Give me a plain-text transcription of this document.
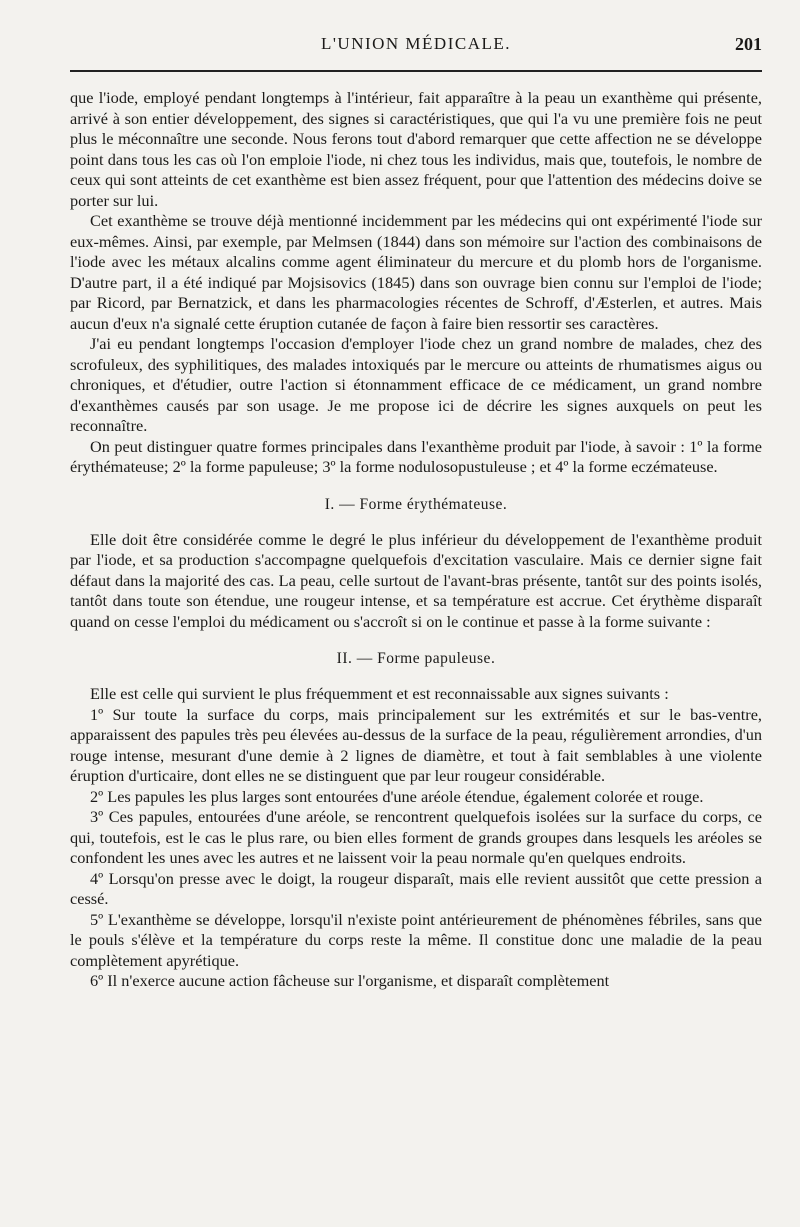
L'UNION MÉDICALE.	201

que l'iode, employé pendant longtemps à l'intérieur, fait apparaître à la peau un exanthème qui présente, arrivé à son entier développement, des signes si caractéristiques, que qui l'a vu une première fois ne peut plus le méconnaître une seconde. Nous ferons tout d'abord remarquer que cette affection ne se développe point dans tous les cas où l'on emploie l'iode, ni chez tous les individus, mais que, toutefois, le nombre de ceux qui sont atteints de cet exanthème est bien assez fréquent, pour que l'attention des médecins doive se porter sur lui.

Cet exanthème se trouve déjà mentionné incidemment par les médecins qui ont expérimenté l'iode sur eux-mêmes. Ainsi, par exemple, par Melmsen (1844) dans son mémoire sur l'action des combinaisons de l'iode avec les métaux alcalins comme agent éliminateur du mercure et du plomb hors de l'organisme. D'autre part, il a été indiqué par Mojsisovics (1845) dans son ouvrage bien connu sur l'emploi de l'iode; par Ricord, par Bernatzick, et dans les pharmacologies récentes de Schroff, d'Æsterlen, et autres. Mais aucun d'eux n'a signalé cette éruption cutanée de façon à faire bien ressortir ses caractères.

J'ai eu pendant longtemps l'occasion d'employer l'iode chez un grand nombre de malades, chez des scrofuleux, des syphilitiques, des malades intoxiqués par le mercure ou atteints de rhumatismes aigus ou chroniques, et d'étudier, outre l'action si étonnamment efficace de ce médicament, un grand nombre d'exanthèmes causés par son usage. Je me propose ici de décrire les signes auxquels on peut les reconnaître.

On peut distinguer quatre formes principales dans l'exanthème produit par l'iode, à savoir : 1º la forme érythémateuse; 2º la forme papuleuse; 3º la forme nodulosopustuleuse ; et 4º la forme eczémateuse.

I. — Forme érythémateuse.

Elle doit être considérée comme le degré le plus inférieur du développement de l'exanthème produit par l'iode, et sa production s'accompagne quelquefois d'excitation vasculaire. Mais ce dernier signe fait défaut dans la majorité des cas. La peau, celle surtout de l'avant-bras présente, tantôt sur des points isolés, tantôt dans toute son étendue, une rougeur intense, et sa température est accrue. Cet érythème disparaît quand on cesse l'emploi du médicament ou s'accroît si on le continue et passe à la forme suivante :

II. — Forme papuleuse.

Elle est celle qui survient le plus fréquemment et est reconnaissable aux signes suivants :

1º Sur toute la surface du corps, mais principalement sur les extrémités et sur le bas-ventre, apparaissent des papules très peu élevées au-dessus de la surface de la peau, régulièrement arrondies, d'un rouge intense, mesurant d'une demie à 2 lignes de diamètre, et tout à fait semblables à une violente éruption d'urticaire, dont elles ne se distinguent que par leur rougeur considérable.

2º Les papules les plus larges sont entourées d'une aréole étendue, également colorée et rouge.

3º Ces papules, entourées d'une aréole, se rencontrent quelquefois isolées sur la surface du corps, ce qui, toutefois, est le cas le plus rare, ou bien elles forment de grands groupes dans lesquels les aréoles se confondent les unes avec les autres et ne laissent voir la peau normale qu'en quelques endroits.

4º Lorsqu'on presse avec le doigt, la rougeur disparaît, mais elle revient aussitôt que cette pression a cessé.

5º L'exanthème se développe, lorsqu'il n'existe point antérieurement de phénomènes fébriles, sans que le pouls s'élève et la température du corps reste la même. Il constitue donc une maladie de la peau complètement apyrétique.

6º Il n'exerce aucune action fâcheuse sur l'organisme, et disparaît complètement
